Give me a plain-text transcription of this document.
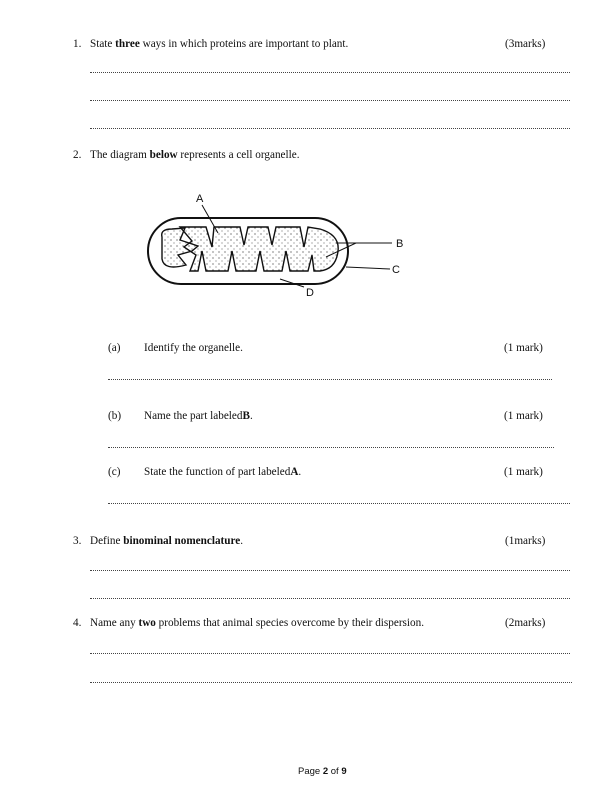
1. State three ways in which proteins are important to plant.	(3marks)
2. The diagram below represents a cell organelle.
A
B
C
D
(a) Identify the organelle.	(1 mark)
(b) Name the part labeledB.	(1 mark)
(c) State the function of part labeledA.	(1 mark)
3. Define binominal nomenclature.	(1marks)
4. Name any two problems that animal species overcome by their dispersion.	(2marks)
Page 2 of 9
